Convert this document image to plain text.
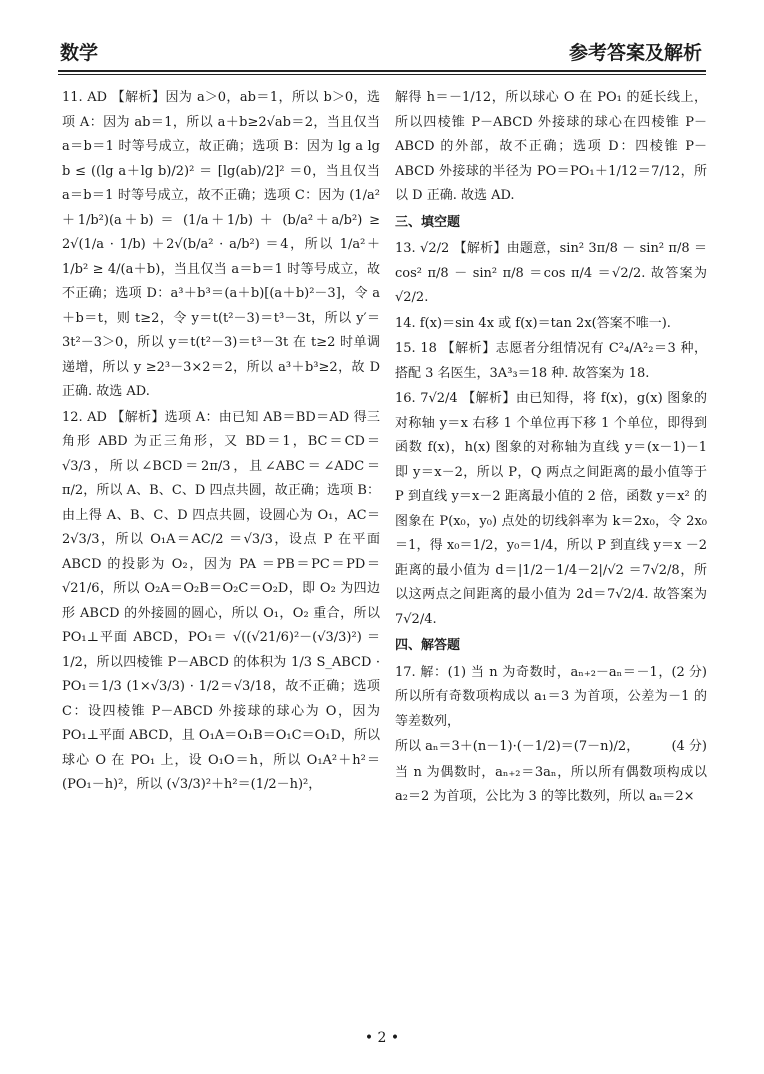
数学	参考答案及解析

11. AD 【解析】因为 a＞0，ab＝1，所以 b＞0，选项 A：因为 ab＝1，所以 a＋b≥2√ab＝2，当且仅当 a＝b＝1 时等号成立，故正确；选项 B：因为 lg a lg b ≤ ((lg a＋lg b)/2)² ＝ [lg(ab)/2]² ＝0，当且仅当 a＝b＝1 时等号成立，故不正确；选项 C：因为 (1/a²＋1/b²)(a＋b) ＝ (1/a＋1/b) ＋ (b/a²＋a/b²) ≥ 2√(1/a · 1/b) ＋2√(b/a² · a/b²) ＝4，所以 1/a²＋1/b² ≥ 4/(a＋b)，当且仅当 a＝b＝1 时等号成立，故不正确；选项 D：a³＋b³＝(a＋b)[(a＋b)²－3]，令 a＋b＝t，则 t≥2，令 y＝t(t²－3)＝t³－3t，所以 y′＝3t²－3＞0，所以 y＝t(t²－3)＝t³－3t 在 t≥2 时单调递增，所以 y ≥2³－3×2＝2，所以 a³＋b³≥2，故 D 正确. 故选 AD.

12. AD 【解析】选项 A：由已知 AB＝BD＝AD 得三角形 ABD 为正三角形，又 BD＝1，BC＝CD＝√3/3，所以∠BCD＝2π/3，且∠ABC＝∠ADC＝π/2，所以 A、B、C、D 四点共圆，故正确；选项 B：由上得 A、B、C、D 四点共圆，设圆心为 O₁，AC＝2√3/3，所以 O₁A＝AC/2 ＝√3/3，设点 P 在平面 ABCD 的投影为 O₂，因为 PA ＝PB＝PC＝PD＝√21/6，所以 O₂A＝O₂B＝O₂C＝O₂D，即 O₂ 为四边形 ABCD 的外接圆的圆心，所以 O₁，O₂ 重合，所以 PO₁⊥平面 ABCD，PO₁＝ √((√21/6)²－(√3/3)²) ＝1/2，所以四棱锥 P－ABCD 的体积为 1/3 S_ABCD · PO₁＝1/3 (1×√3/3) · 1/2＝√3/18，故不正确；选项 C：设四棱锥 P－ABCD 外接球的球心为 O，因为 PO₁⊥平面 ABCD，且 O₁A＝O₁B＝O₁C＝O₁D，所以球心 O 在 PO₁ 上，设 O₁O＝h，所以 O₁A²＋h²＝(PO₁－h)²，所以 (√3/3)²＋h²＝(1/2－h)²，

解得 h＝－1/12，所以球心 O 在 PO₁ 的延长线上，所以四棱锥 P－ABCD 外接球的球心在四棱锥 P－ABCD 的外部，故不正确；选项 D：四棱锥 P－ABCD 外接球的半径为 PO＝PO₁＋1/12＝7/12，所以 D 正确. 故选 AD.

三、填空题

13. √2/2 【解析】由题意，sin² 3π/8 － sin² π/8 ＝cos² π/8 － sin² π/8 ＝cos π/4 ＝√2/2. 故答案为 √2/2.

14. f(x)＝sin 4x 或 f(x)＝tan 2x(答案不唯一).

15. 18 【解析】志愿者分组情况有 C²₄/A²₂＝3 种，搭配 3 名医生，3A³₃＝18 种. 故答案为 18.

16. 7√2/4 【解析】由已知得，将 f(x)，g(x) 图象的对称轴 y＝x 右移 1 个单位再下移 1 个单位，即得到函数 f(x)，h(x) 图象的对称轴为直线 y＝(x－1)－1 即 y＝x－2，所以 P，Q 两点之间距离的最小值等于 P 到直线 y＝x－2 距离最小值的 2 倍，函数 y＝x² 的图象在 P(x₀，y₀) 点处的切线斜率为 k＝2x₀，令 2x₀＝1，得 x₀＝1/2，y₀＝1/4，所以 P 到直线 y＝x －2 距离的最小值为 d＝|1/2－1/4－2|/√2 ＝7√2/8，所以这两点之间距离的最小值为 2d＝7√2/4. 故答案为 7√2/4.

四、解答题

(2 分)
17. 解：(1) 当 n 为奇数时，aₙ₊₂－aₙ＝－1，所以所有奇数项构成以 a₁＝3 为首项，公差为－1 的等差数列，

(4 分)
所以 aₙ＝3＋(n－1)·(－1/2)＝(7－n)/2，

当 n 为偶数时，aₙ₊₂＝3aₙ，所以所有偶数项构成以 a₂＝2 为首项，公比为 3 的等比数列，所以 aₙ＝2×

• 2 •
